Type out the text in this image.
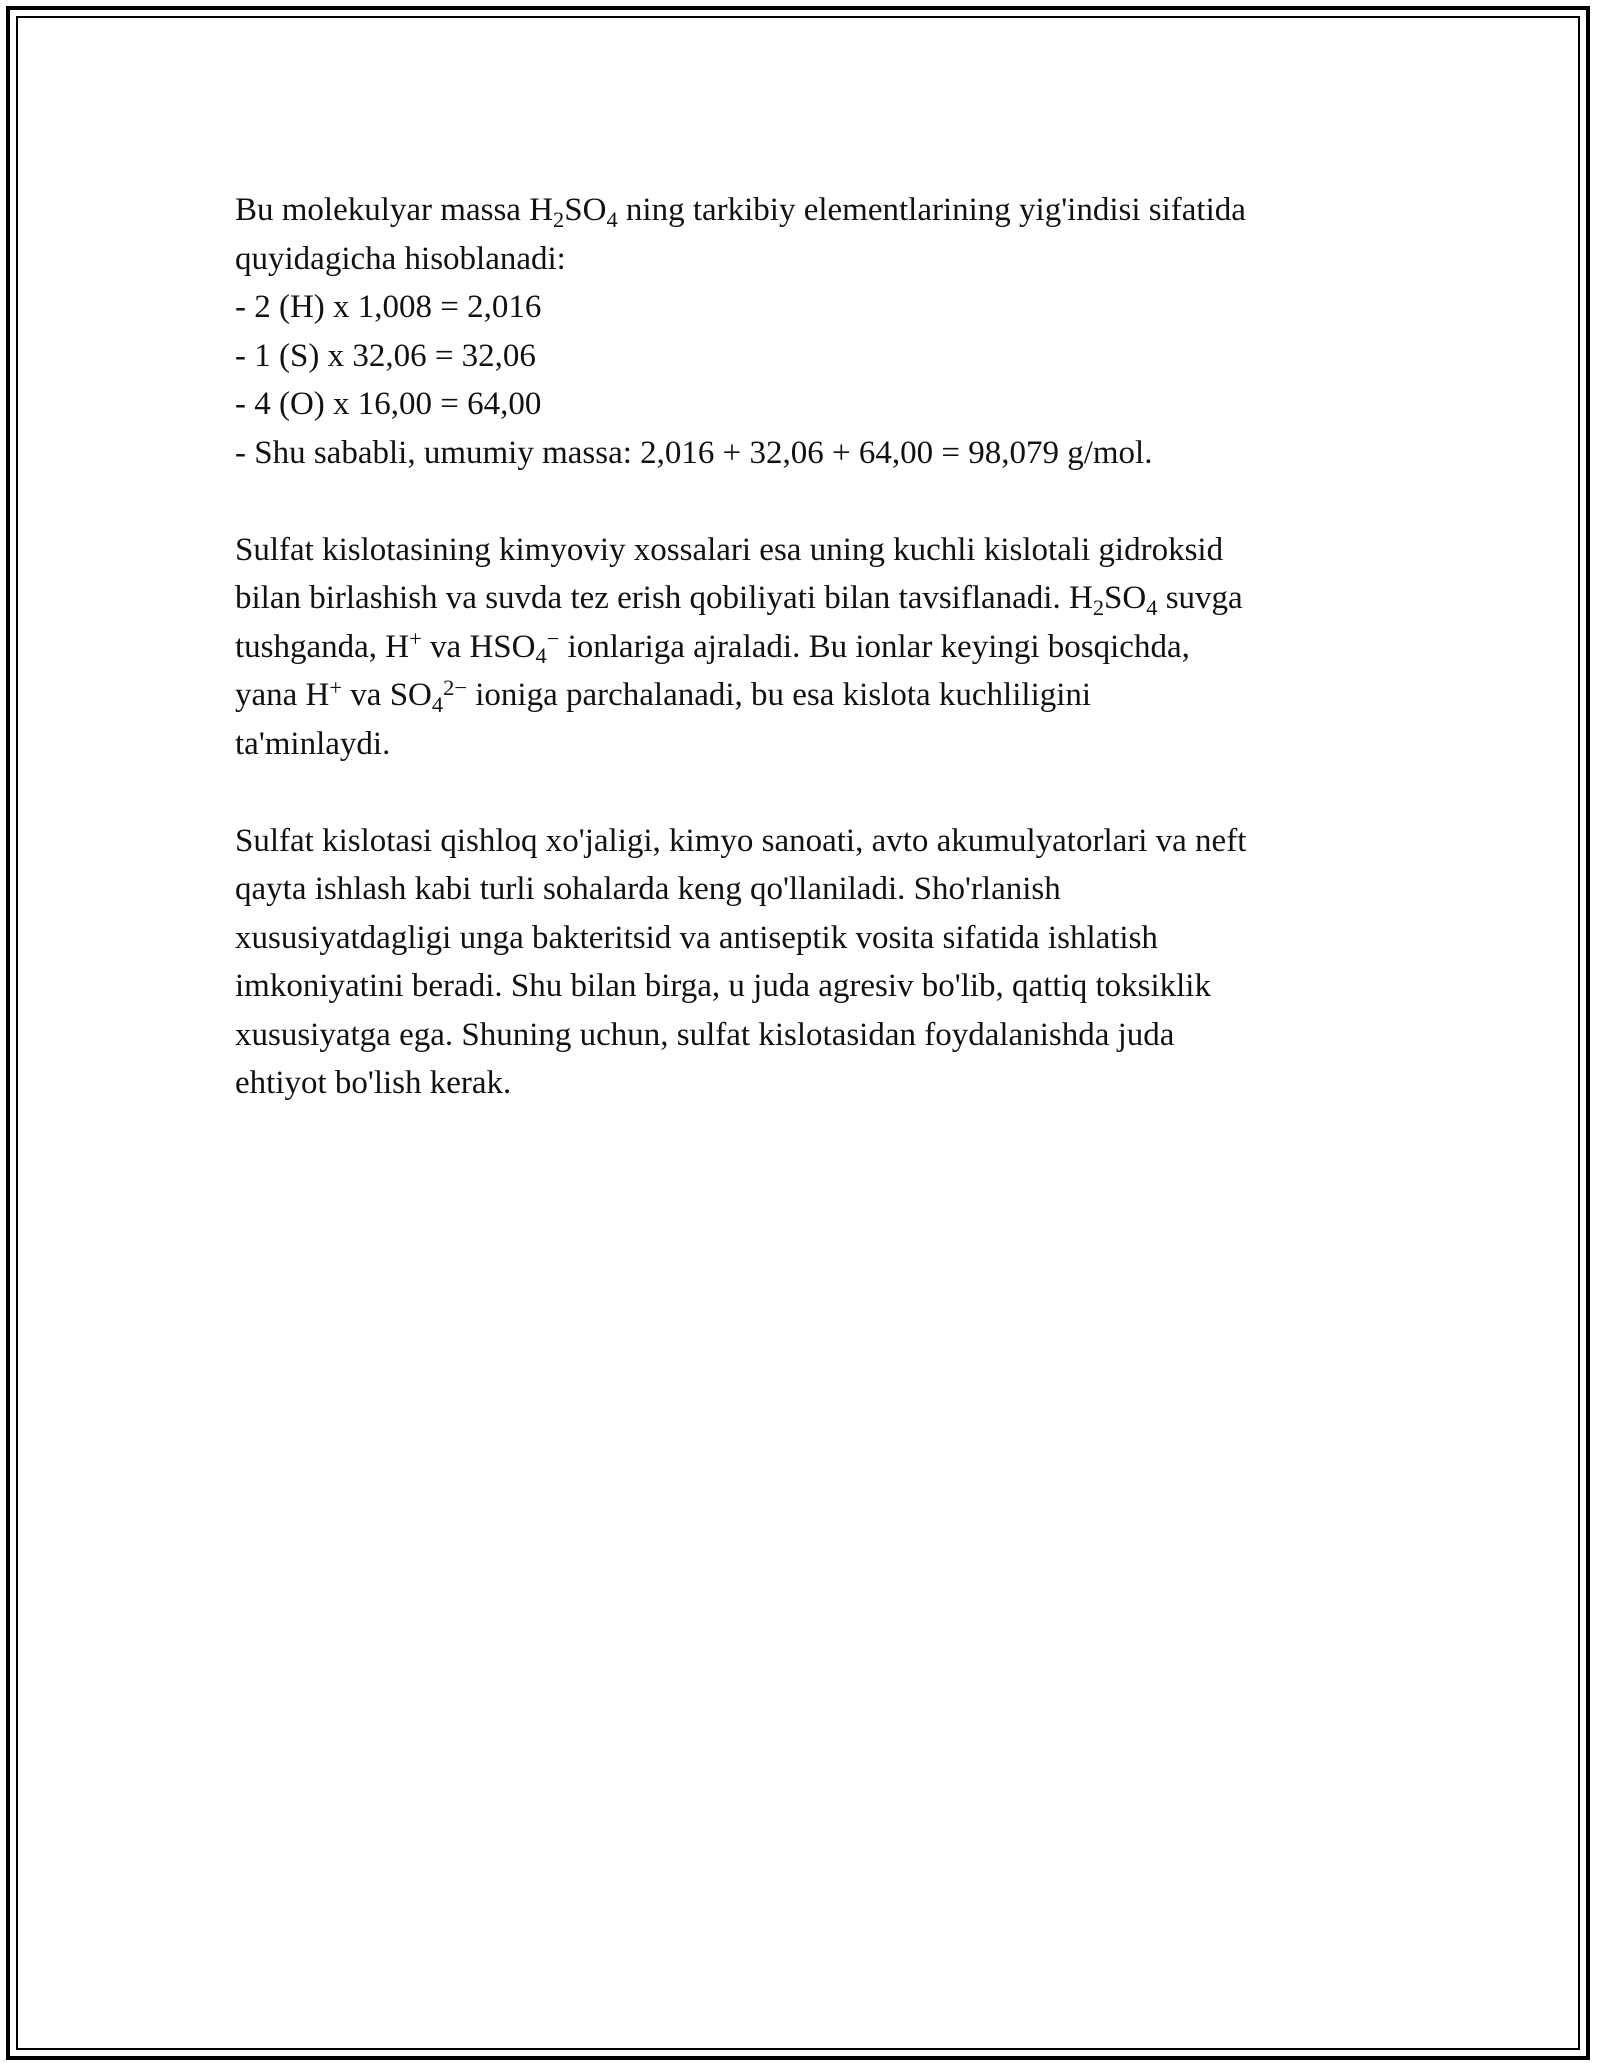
Bu molekulyar massa $H_2SO_4$ ning tarkibiy elementlarining yig'indisi sifatida
quyidagicha hisoblanadi:
- 2 (H) x 1,008 = 2,016
- 1 (S) x 32,06 = 32,06
- 4 (O) x 16,00 = 64,00
- Shu sababli, umumiy massa: 2,016 + 32,06 + 64,00 = 98,079 g/mol.
Sulfat kislotasining kimyoviy xossalari esa uning kuchli kislotali gidroksid
bilan birlashish va suvda tez erish qobiliyati bilan tavsiflanadi. $H_2SO_4$ suvga
tushganda, H+ va $HSO_4^-$ ionlariga ajraladi. Bu ionlar keyingi bosqichda,
yana H+ va $SO_4^{2-}$ ioniga parchalanadi, bu esa kislota kuchliligini
ta'minlaydi.
Sulfat kislotasi qishloq xo'jaligi, kimyo sanoati, avto akumulyatorlari va neft
qayta ishlash kabi turli sohalarda keng qo'llaniladi. Sho'rlanish
xususiyatdagligi unga bakteritsid va antiseptik vosita sifatida ishlatish
imkoniyatini beradi. Shu bilan birga, u juda agresiv bo'lib, qattiq toksiklik
xususiyatga ega. Shuning uchun, sulfat kislotasidan foydalanishda juda
ehtiyot bo'lish kerak.
